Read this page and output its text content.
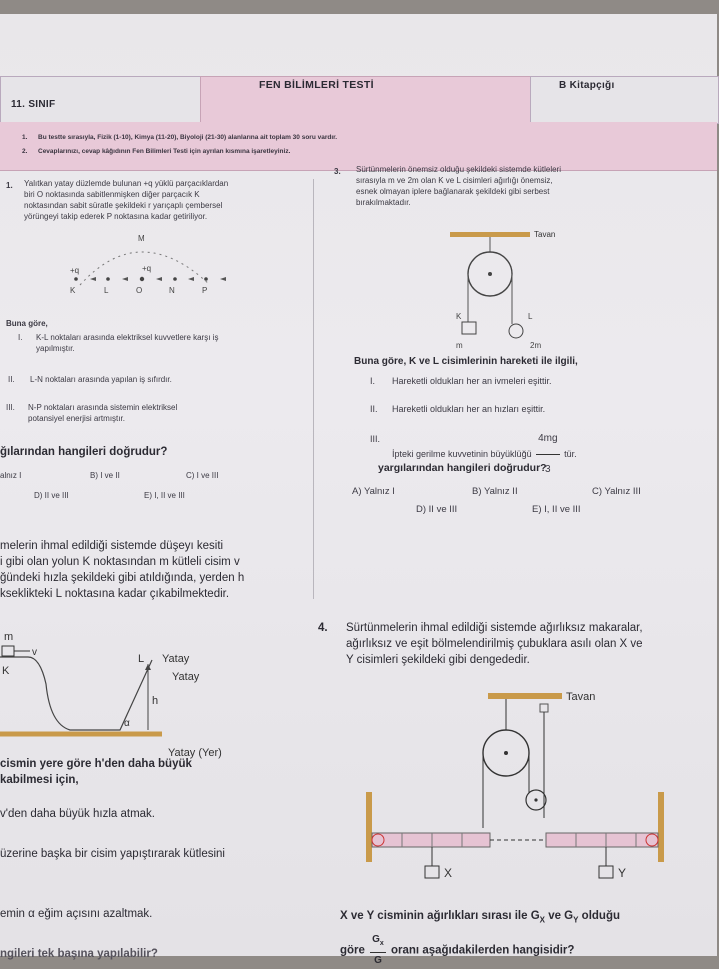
11. SINIF
FEN BİLİMLERİ TESTİ	B Kitapçığı
1. Bu testte sırasıyla, Fizik (1-10), Kimya (11-20), Biyoloji (21-30) alanlarına ait toplam 30 soru vardır.
2. Cevaplarınızı, cevap kâğıdının Fen Bilimleri Testi için ayrılan kısmına işaretleyiniz.
1. Yalıtkan yatay düzlemde bulunan +q yüklü parçacıklardan
biri O noktasında sabitlenmişken diğer parçacık K
noktasından sabit süratle şekildeki r yarıçaplı çembersel
yörüngeyi takip ederek P noktasına kadar getiriliyor.
M
+q	+q
K	L	O	N	P
Buna göre,
I. K-L noktaları arasında elektriksel kuvvetlere karşı iş
yapılmıştır.
II. L-N noktaları arasında yapılan iş sıfırdır.
III. N-P noktaları arasında sistemin elektriksel
potansiyel enerjisi artmıştır.
ğılarından hangileri doğrudur?
alnız I	B) I ve II	C) I ve III
D) II ve III	E) I, II ve III
3. Sürtünmelerin önemsiz olduğu şekildeki sistemde kütleleri
sırasıyla m ve 2m olan K ve L cisimleri ağırlığı önemsiz,
esnek olmayan iplere bağlanarak şekildeki gibi serbest
bırakılmaktadır.
Tavan
K	L
m	2m
Buna göre, K ve L cisimlerinin hareketi ile ilgili,
I. Hareketli oldukları her an ivmeleri eşittir.
II. Hareketli oldukları her an hızları eşittir.
III.
İpteki gerilme kuvvetinin büyüklüğü $\frac{4mg}{3}$ tür.
yargılarından hangileri doğrudur?
A) Yalnız I	B) Yalnız II	C) Yalnız III
D) II ve III	E) I, II ve III
melerin ihmal edildiği sistemde düşeyı kesiti
i gibi olan yolun K noktasından m kütleli cisim v
ğündeki hızla şekildeki gibi atıldığında, yerden h
kseklikteki L noktasına kadar çıkabilmektedir.
m
v
K
h
α
L Yatay
Yatay
Yatay (Yer)
cismin yere göre h'den daha büyük
kabilmesi için,
v'den daha büyük hızla atmak.
üzerine başka bir cisim yapıştırarak kütlesini
emin α eğim açısını azaltmak.
ngileri tek başına yapılabilir?
4. Sürtünmelerin ihmal edildiği sistemde ağırlıksız makaralar,
ağırlıksız ve eşit bölmelendirilmiş çubuklara asılı olan X ve
Y cisimleri şekildeki gibi dengededir.
Tavan
X	Y
X ve Y cisminin ağırlıkları sırası ile $G_X$ ve $G_Y$ olduğu
göre $\frac{G_x}{G}$ oranı aşağıdakilerden hangisidir?
